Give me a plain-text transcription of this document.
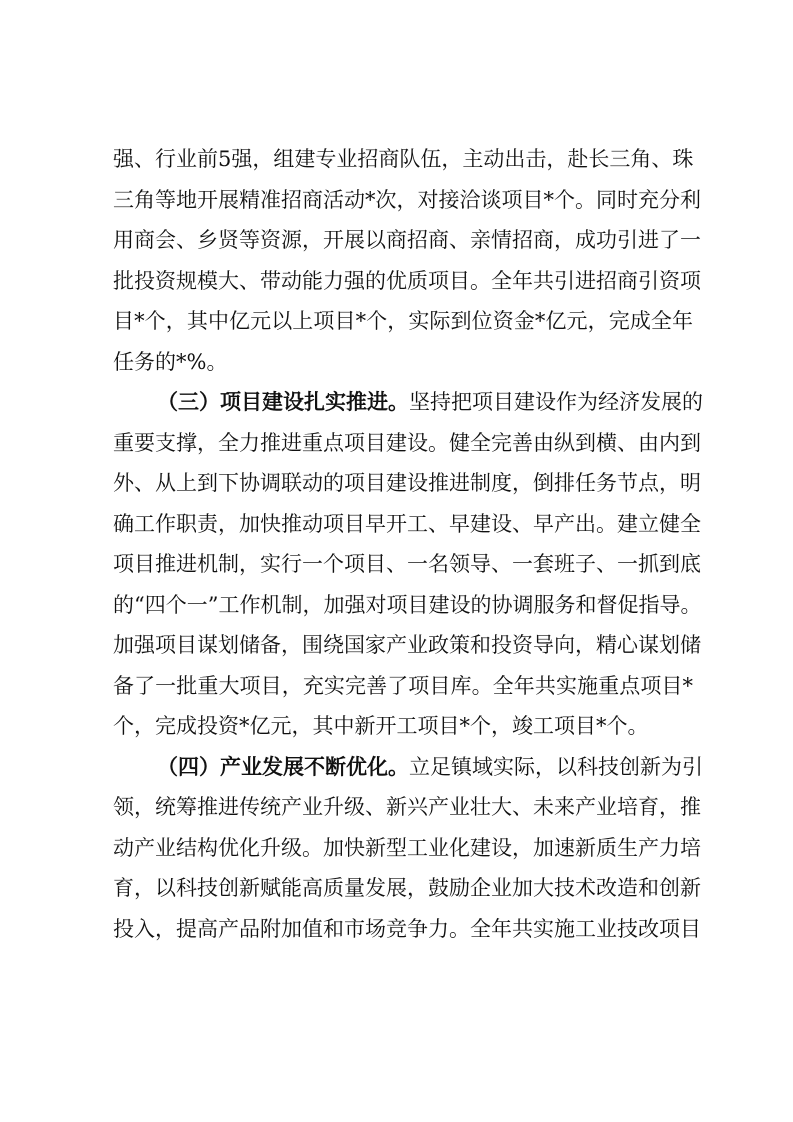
强、行业前5强，组建专业招商队伍，主动出击，赴长三角、珠
三角等地开展精准招商活动*次，对接洽谈项目*个。同时充分利
用商会、乡贤等资源，开展以商招商、亲情招商，成功引进了一
批投资规模大、带动能力强的优质项目。全年共引进招商引资项
目*个，其中亿元以上项目*个，实际到位资金*亿元，完成全年
任务的*%。
（三）项目建设扎实推进。坚持把项目建设作为经济发展的
重要支撑，全力推进重点项目建设。健全完善由纵到横、由内到
外、从上到下协调联动的项目建设推进制度，倒排任务节点，明
确工作职责，加快推动项目早开工、早建设、早产出。建立健全
项目推进机制，实行一个项目、一名领导、一套班子、一抓到底
的“四个一”工作机制，加强对项目建设的协调服务和督促指导。
加强项目谋划储备，围绕国家产业政策和投资导向，精心谋划储
备了一批重大项目，充实完善了项目库。全年共实施重点项目*
个，完成投资*亿元，其中新开工项目*个，竣工项目*个。
（四）产业发展不断优化。立足镇域实际，以科技创新为引
领，统筹推进传统产业升级、新兴产业壮大、未来产业培育，推
动产业结构优化升级。加快新型工业化建设，加速新质生产力培
育，以科技创新赋能高质量发展，鼓励企业加大技术改造和创新
投入，提高产品附加值和市场竞争力。全年共实施工业技改项目
